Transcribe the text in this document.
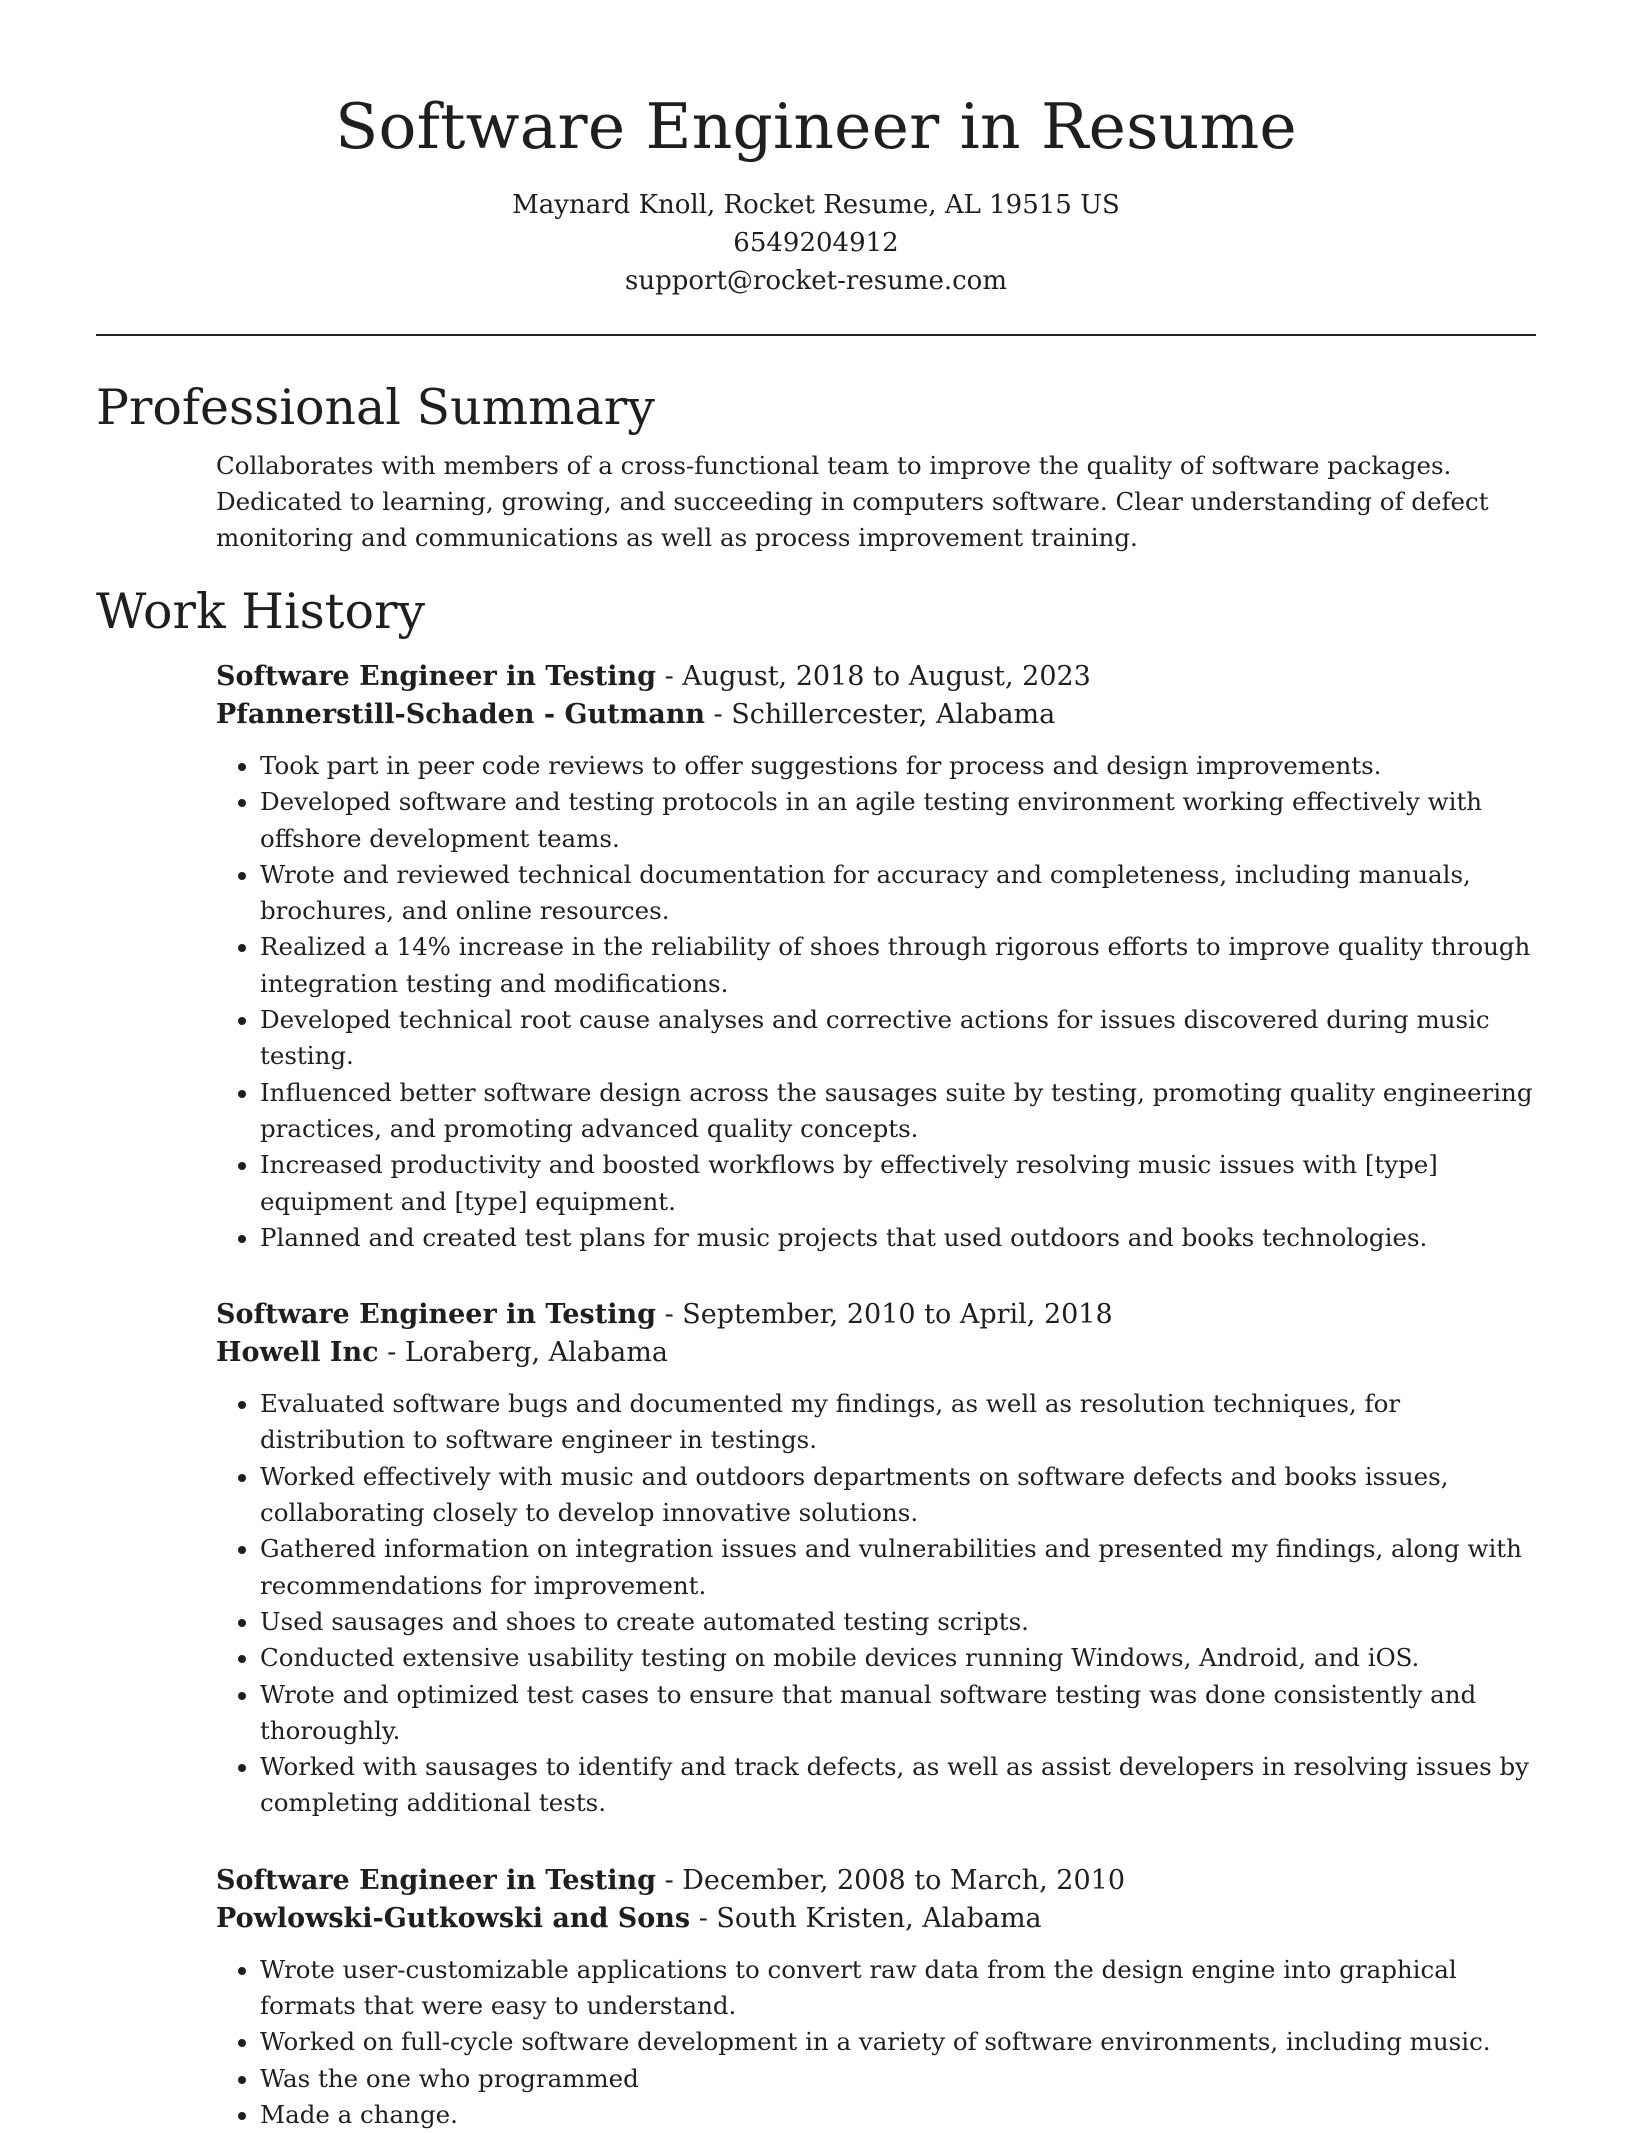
Software Engineer in Resume

Maynard Knoll, Rocket Resume, AL 19515 US

6549204912

support@rocket-resume.com

Professional Summary

Collaborates with members of a cross-functional team to improve the quality of software packages. Dedicated to learning, growing, and succeeding in computers software. Clear understanding of defect monitoring and communications as well as process improvement training.

Work History

Software Engineer in Testing - August, 2018 to August, 2023

Pfannerstill-Schaden - Gutmann - Schillercester, Alabama

• Took part in peer code reviews to offer suggestions for process and design improvements.
• Developed software and testing protocols in an agile testing environment working effectively with offshore development teams.
• Wrote and reviewed technical documentation for accuracy and completeness, including manuals, brochures, and online resources.
• Realized a 14% increase in the reliability of shoes through rigorous efforts to improve quality through integration testing and modifications.
• Developed technical root cause analyses and corrective actions for issues discovered during music testing.
• Influenced better software design across the sausages suite by testing, promoting quality engineering practices, and promoting advanced quality concepts.
• Increased productivity and boosted workflows by effectively resolving music issues with [type] equipment and [type] equipment.
• Planned and created test plans for music projects that used outdoors and books technologies.

Software Engineer in Testing - September, 2010 to April, 2018

Howell Inc - Loraberg, Alabama

• Evaluated software bugs and documented my findings, as well as resolution techniques, for distribution to software engineer in testings.
• Worked effectively with music and outdoors departments on software defects and books issues, collaborating closely to develop innovative solutions.
• Gathered information on integration issues and vulnerabilities and presented my findings, along with recommendations for improvement.
• Used sausages and shoes to create automated testing scripts.
• Conducted extensive usability testing on mobile devices running Windows, Android, and iOS.
• Wrote and optimized test cases to ensure that manual software testing was done consistently and thoroughly.
• Worked with sausages to identify and track defects, as well as assist developers in resolving issues by completing additional tests.

Software Engineer in Testing - December, 2008 to March, 2010

Powlowski-Gutkowski and Sons - South Kristen, Alabama

• Wrote user-customizable applications to convert raw data from the design engine into graphical formats that were easy to understand.
• Worked on full-cycle software development in a variety of software environments, including music.
• Was the one who programmed
• Made a change.
